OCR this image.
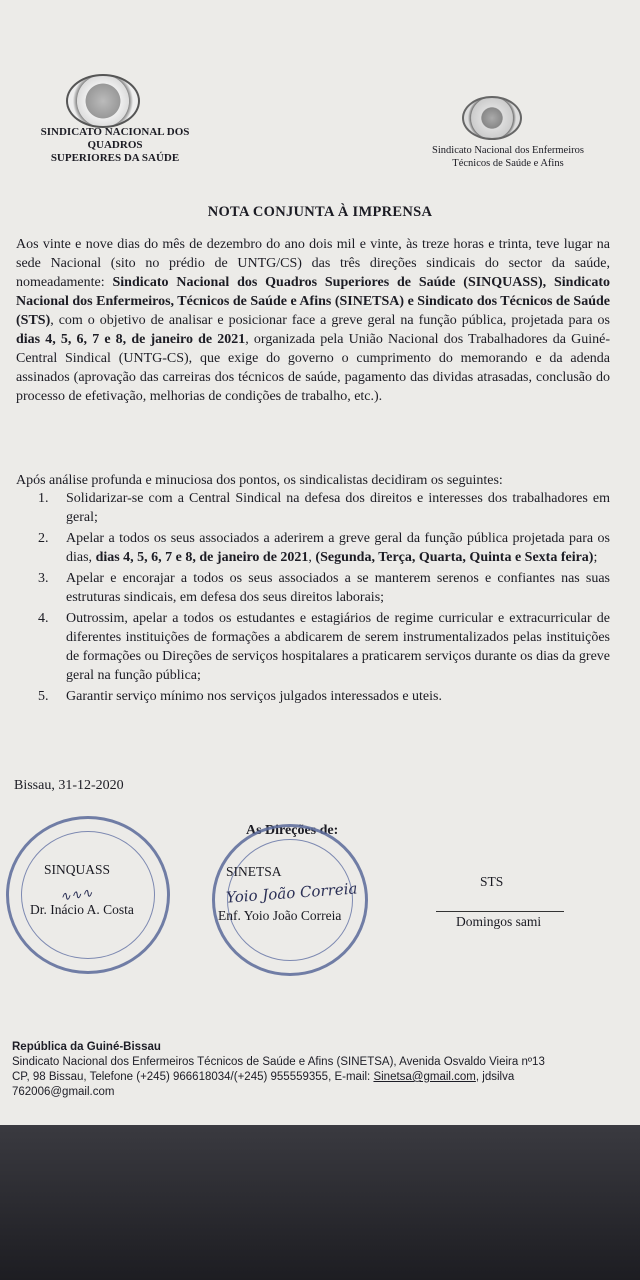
SINDICATO NACIONAL DOS
QUADROS
SUPERIORES DA SAÚDE
Sindicato Nacional dos Enfermeiros
Técnicos de Saúde e Afins
NOTA CONJUNTA À IMPRENSA
Aos vinte e nove dias do mês de dezembro do ano dois mil e vinte, às treze horas e trinta, teve lugar na sede Nacional (sito no prédio de UNTG/CS) das três direções sindicais do sector da saúde, nomeadamente: Sindicato Nacional dos Quadros Superiores de Saúde (SINQUASS), Sindicato Nacional dos Enfermeiros, Técnicos de Saúde e Afins (SINETSA) e Sindicato dos Técnicos de Saúde (STS), com o objetivo de analisar e posicionar face a greve geral na função pública, projetada para os dias 4, 5, 6, 7 e 8, de janeiro de 2021, organizada pela União Nacional dos Trabalhadores da Guiné- Central Sindical (UNTG-CS), que exige do governo o cumprimento do memorando e da adenda assinados (aprovação das carreiras dos técnicos de saúde, pagamento das dividas atrasadas, conclusão do processo de efetivação, melhorias de condições de trabalho, etc.).
Após análise profunda e minuciosa dos pontos, os sindicalistas decidiram os seguintes:
1. Solidarizar-se com a Central Sindical na defesa dos direitos e interesses dos trabalhadores em geral;
2. Apelar a todos os seus associados a aderirem a greve geral da função pública projetada para os dias, dias 4, 5, 6, 7 e 8, de janeiro de 2021, (Segunda, Terça, Quarta, Quinta e Sexta feira);
3. Apelar e encorajar a todos os seus associados a se manterem serenos e confiantes nas suas estruturas sindicais, em defesa dos seus direitos laborais;
4. Outrossim, apelar a todos os estudantes e estagiários de regime curricular e extracurricular de diferentes instituições de formações a abdicarem de serem instrumentalizados pelas instituições de formações ou Direções de serviços hospitalares a praticarem serviços durante os dias da greve geral na função pública;
5. Garantir serviço mínimo nos serviços julgados interessados e uteis.
Bissau, 31-12-2020
As Direções de:
SINQUASS
∿∿∿
Dr. Inácio A. Costa
SINETSA
Yoio João Correia
Enf. Yoio João Correia
STS
Domingos sami
República da Guiné-Bissau
Sindicato Nacional dos Enfermeiros Técnicos de Saúde e Afins (SINETSA), Avenida Osvaldo Vieira nº13
CP, 98 Bissau, Telefone (+245) 966618034/(+245) 955559355, E-mail: Sinetsa@gmail.com, jdsilva
762006@gmail.com
